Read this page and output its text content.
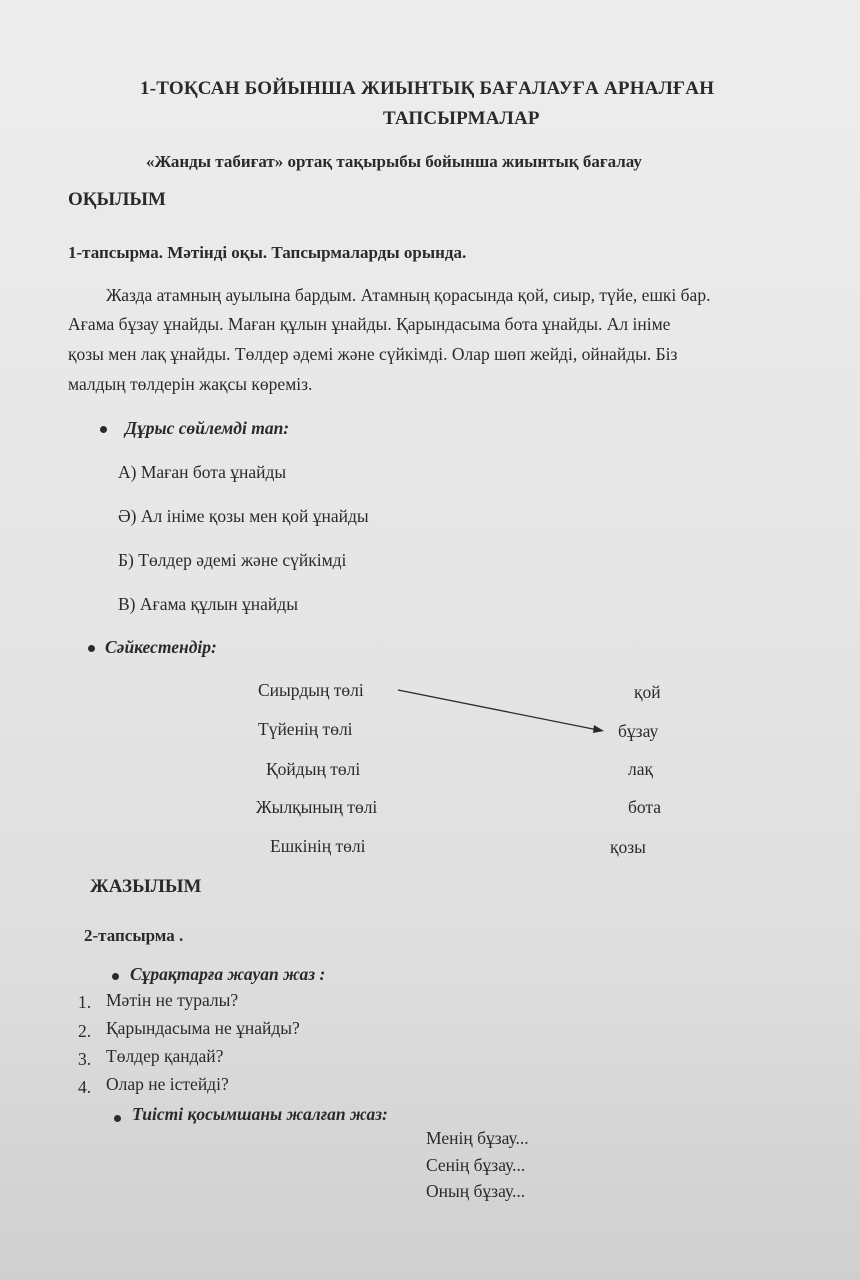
1-ТОҚСАН БОЙЫНША ЖИЫНТЫҚ БАҒАЛАУҒА АРНАЛҒАН
ТАПСЫРМАЛАР
«Жанды табиғат» ортақ тақырыбы бойынша жиынтық бағалау
ОҚЫЛЫМ
1-тапсырма. Мәтінді оқы. Тапсырмаларды орында.
Жазда атамның ауылына бардым. Атамның қорасында қой, сиыр, түйе, ешкі бар.
Ағама бұзау ұнайды. Маған құлын ұнайды. Қарындасыма бота ұнайды. Ал ініме
қозы мен лақ ұнайды. Төлдер әдемі және сүйкімді. Олар шөп жейді, ойнайды. Біз
малдың төлдерін жақсы көреміз.
Дұрыс сөйлемді тап:
А) Маған бота ұнайды
Ә) Ал ініме қозы мен қой ұнайды
Б) Төлдер әдемі және сүйкімді
В) Ағама құлын ұнайды
Сәйкестендір:
Сиырдың төлі
Түйенің төлі
Қойдың төлі
Жылқының төлі
Ешкінің төлі
қой
бұзау
лақ
бота
қозы
ЖАЗЫЛЫМ
2-тапсырма .
Сұрақтарға жауап жаз :
1. Мәтін не туралы?
2. Қарындасыма не ұнайды?
3. Төлдер қандай?
4. Олар не істейді?
Тиісті қосымшаны жалғап жаз:
Менің бұзау...
Сенің бұзау...
Оның бұзау...
